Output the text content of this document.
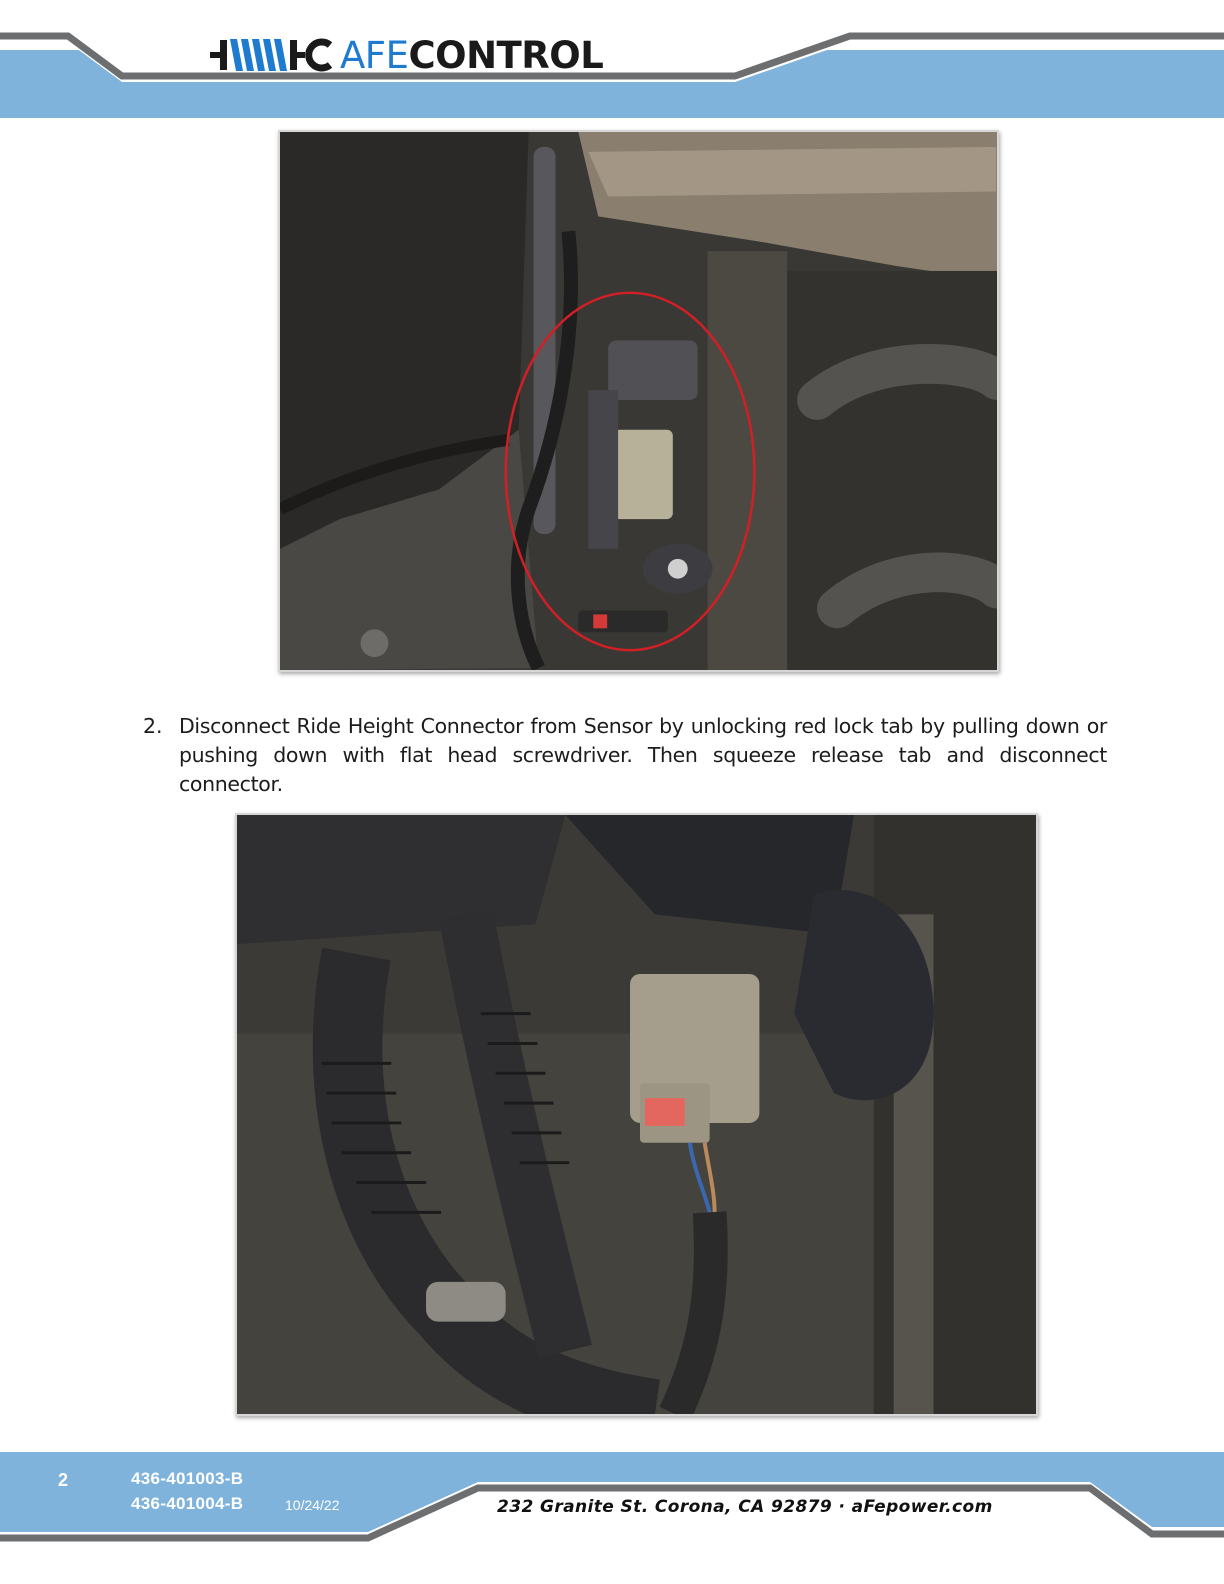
AFE CONTROL
2. Disconnect Ride Height Connector from Sensor by unlocking red lock tab by pulling down or pushing down with flat head screwdriver. Then squeeze release tab and disconnect connector.
2	436-401003-B
436-401004-B	10/24/22	232 Granite St. Corona, CA 92879 · aFepower.com
